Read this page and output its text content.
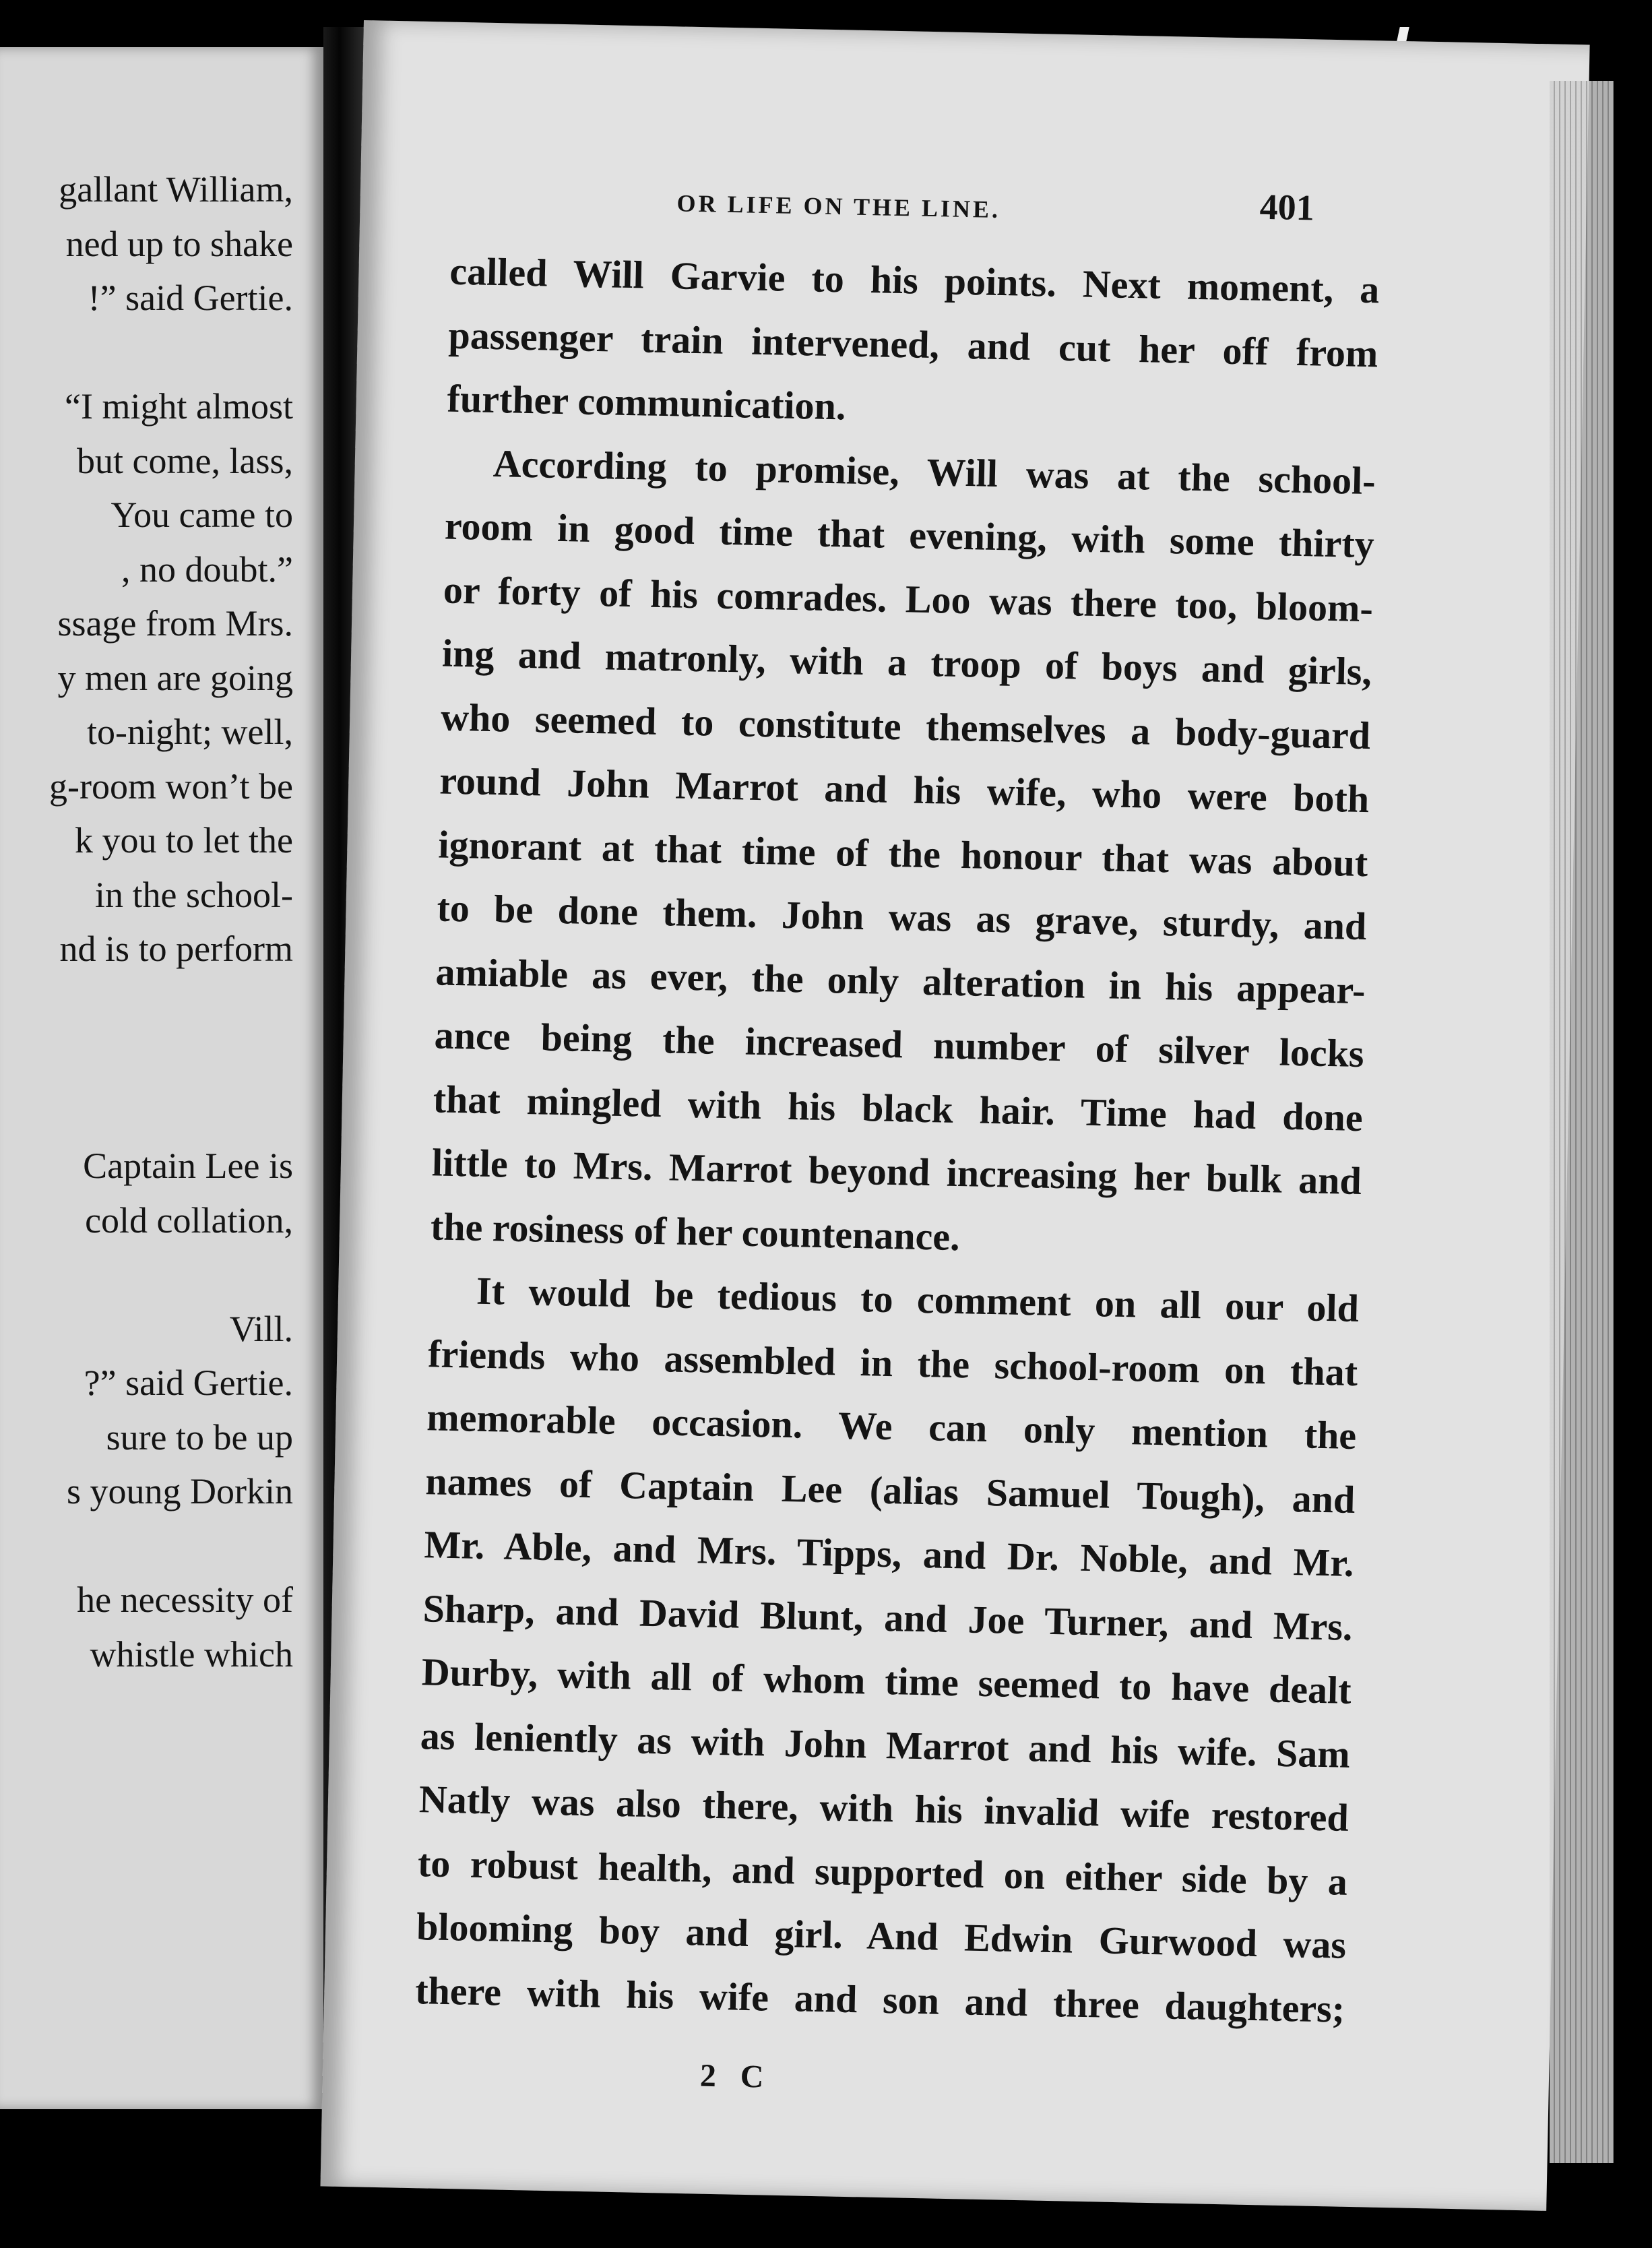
gallant William,
ned up to shake
!” said Gertie.
“I might almost
but come, lass,
You came to
, no doubt.”
ssage from Mrs.
y men are going
to-night; well,
g-room won’t be
k you to let the
in the school-
nd is to perform
Captain Lee is
cold collation,
Vill.
?” said Gertie.
sure to be up
s young Dorkin
he necessity of
whistle which
OR LIFE ON THE LINE.	401
called Will Garvie to his points. Next moment, a
passenger train intervened, and cut her off from
further communication.
According to promise, Will was at the school-
room in good time that evening, with some thirty
or forty of his comrades. Loo was there too, bloom-
ing and matronly, with a troop of boys and girls,
who seemed to constitute themselves a body-guard
round John Marrot and his wife, who were both
ignorant at that time of the honour that was about
to be done them. John was as grave, sturdy, and
amiable as ever, the only alteration in his appear-
ance being the increased number of silver locks
that mingled with his black hair. Time had done
little to Mrs. Marrot beyond increasing her bulk and
the rosiness of her countenance.
It would be tedious to comment on all our old
friends who assembled in the school-room on that
memorable occasion. We can only mention the
names of Captain Lee (alias Samuel Tough), and
Mr. Able, and Mrs. Tipps, and Dr. Noble, and Mr.
Sharp, and David Blunt, and Joe Turner, and Mrs.
Durby, with all of whom time seemed to have dealt
as leniently as with John Marrot and his wife. Sam
Natly was also there, with his invalid wife restored
to robust health, and supported on either side by a
blooming boy and girl. And Edwin Gurwood was
there with his wife and son and three daughters;
2 C
